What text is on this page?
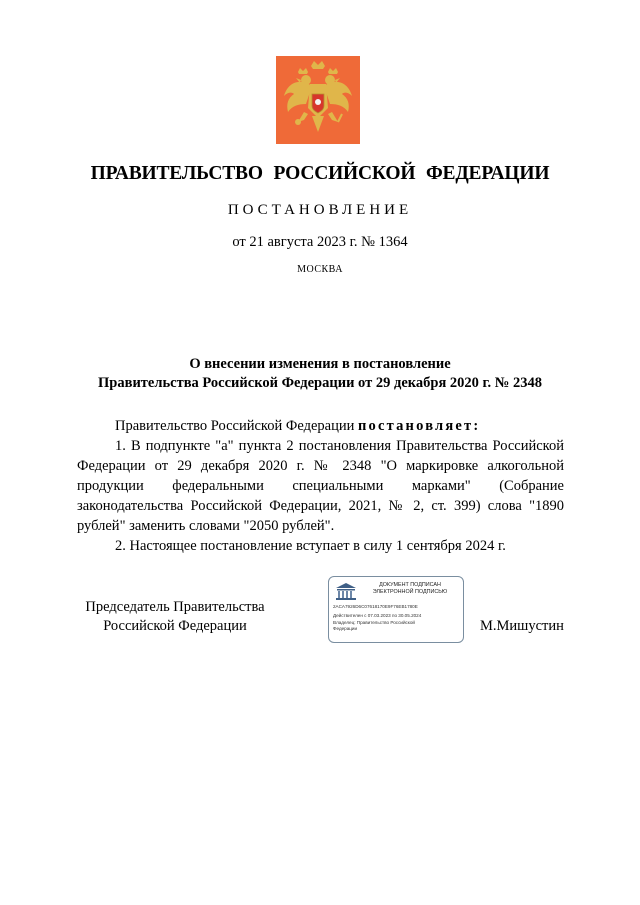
ПРАВИТЕЛЬСТВО РОССИЙСКОЙ ФЕДЕРАЦИИ
ПОСТАНОВЛЕНИЕ
от 21 августа 2023 г. № 1364
МОСКВА
О внесении изменения в постановление
Правительства Российской Федерации от 29 декабря 2020 г. № 2348

Правительство Российской Федерации постановляет:

1. В подпункте "а" пункта 2 постановления Правительства Российской Федерации от 29 декабря 2020 г. № 2348 "О маркировке алкогольной продукции федеральными специальными марками" (Собрание законодательства Российской Федерации, 2021, № 2, ст. 399) слова "1890 рублей" заменить словами "2050 рублей".

2. Настоящее постановление вступает в силу 1 сентября 2024 г.

Председатель Правительства
Российской Федерации	М.Мишустин
ДОКУМЕНТ ПОДПИСАН
ЭЛЕКТРОННОЙ ПОДПИСЬЮ
2ACA7926D6C07618170E9F76EB1780E
Действителен с 07.03.2023 по 30.05.2024
Владелец: Правительство Российской
Федерации
